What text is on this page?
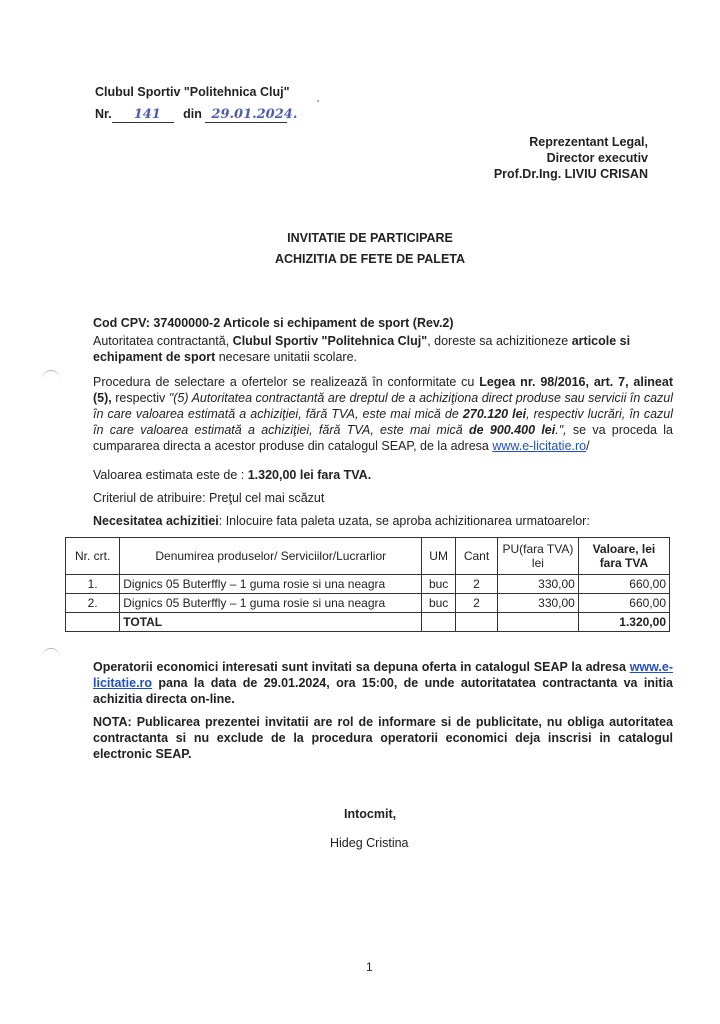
Clubul Sportiv "Politehnica Cluj"
Nr. 141 din 29.01.2024.
Reprezentant Legal,
Director executiv
Prof.Dr.Ing. LIVIU CRISAN
INVITATIE DE PARTICIPARE
ACHIZITIA DE FETE DE PALETA
Cod CPV: 37400000-2 Articole si echipament de sport (Rev.2)
Autoritatea contractantă, Clubul Sportiv "Politehnica Cluj", doreste sa achizitioneze articole si echipament de sport necesare unitatii scolare.
Procedura de selectare a ofertelor se realizează în conformitate cu Legea nr. 98/2016, art. 7, alineat (5), respectiv "(5) Autoritatea contractantă are dreptul de a achiziţiona direct produse sau servicii în cazul în care valoarea estimată a achiziţiei, fără TVA, este mai mică de 270.120 lei, respectiv lucrări, în cazul în care valoarea estimată a achiziţiei, fără TVA, este mai mică de 900.400 lei.", se va proceda la cumpararea directa a acestor produse din catalogul SEAP, de la adresa www.e-licitatie.ro/
Valoarea estimata este de : 1.320,00 lei fara TVA.
Criteriul de atribuire: Preţul cel mai scăzut
Necesitatea achizitiei: Inlocuire fata paleta uzata, se aproba achizitionarea urmatoarelor:
Nr. crt.	Denumirea produselor/ Serviciilor/Lucrarlior	UM	Cant	PU(fara TVA) lei	Valoare, lei fara TVA
1.	Dignics 05 Buterffly – 1 guma rosie si una neagra	buc	2	330,00	660,00
2.	Dignics 05 Buterffly – 1 guma rosie si una neagra	buc	2	330,00	660,00
	TOTAL				1.320,00
Operatorii economici interesati sunt invitati sa depuna oferta in catalogul SEAP la adresa www.e-licitatie.ro pana la data de 29.01.2024, ora 15:00, de unde autoritatatea contractanta va initia achizitia directa on-line.
NOTA: Publicarea prezentei invitatii are rol de informare si de publicitate, nu obliga autoritatea contractanta si nu exclude de la procedura operatorii economici deja inscrisi in catalogul electronic SEAP.
Intocmit,
Hideg Cristina
1
